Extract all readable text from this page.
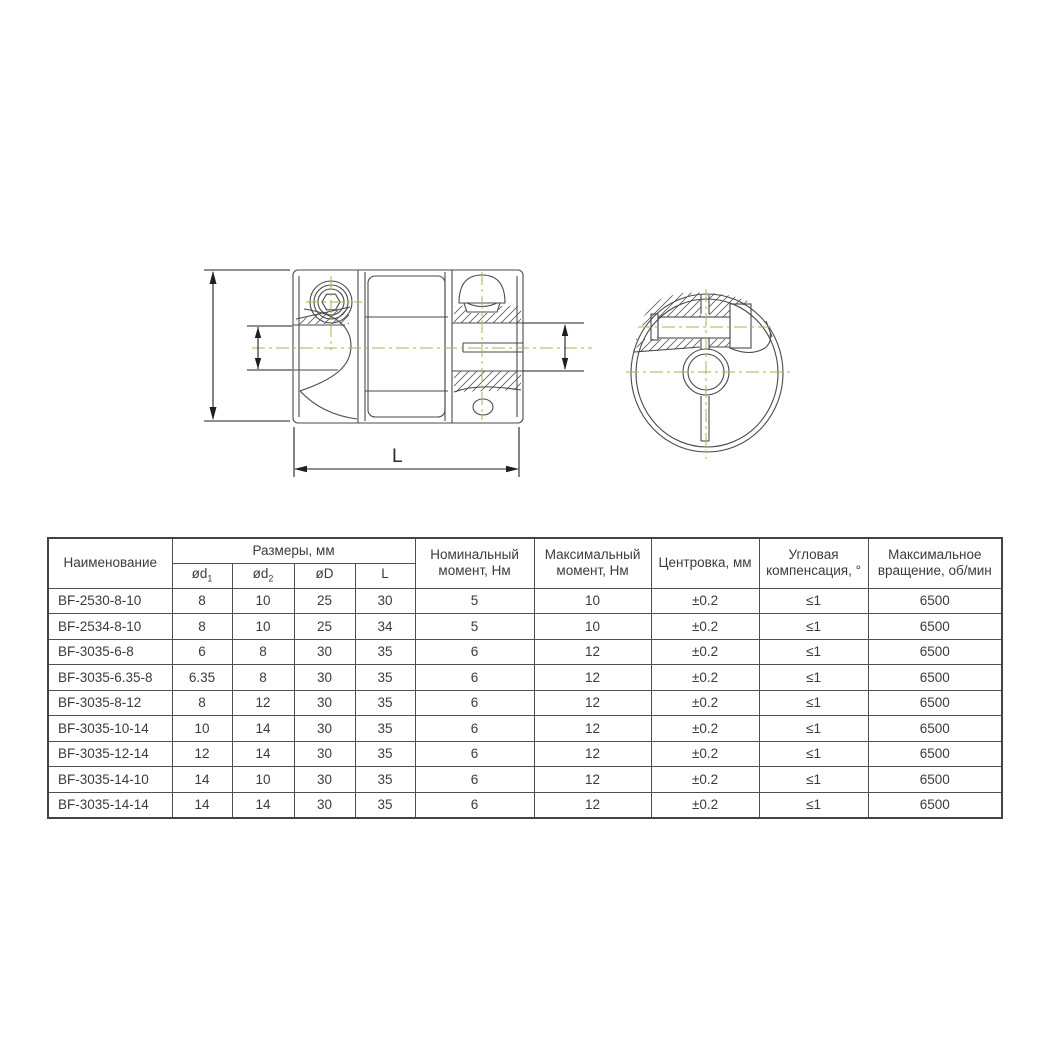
L
Наименование	Размеры, мм				Номинальный момент, Нм	Максимальный момент, Нм	Центровка, мм	Угловая компенсация, °	Максимальное вращение, об/мин
	$ød_1$	$ød_2$	øD	L					
BF-2530-8-10	8	10	25	30	5	10	±0.2	≤1	6500
BF-2534-8-10	8	10	25	34	5	10	±0.2	≤1	6500
BF-3035-6-8	6	8	30	35	6	12	±0.2	≤1	6500
BF-3035-6.35-8	6.35	8	30	35	6	12	±0.2	≤1	6500
BF-3035-8-12	8	12	30	35	6	12	±0.2	≤1	6500
BF-3035-10-14	10	14	30	35	6	12	±0.2	≤1	6500
BF-3035-12-14	12	14	30	35	6	12	±0.2	≤1	6500
BF-3035-14-10	14	10	30	35	6	12	±0.2	≤1	6500
BF-3035-14-14	14	14	30	35	6	12	±0.2	≤1	6500
